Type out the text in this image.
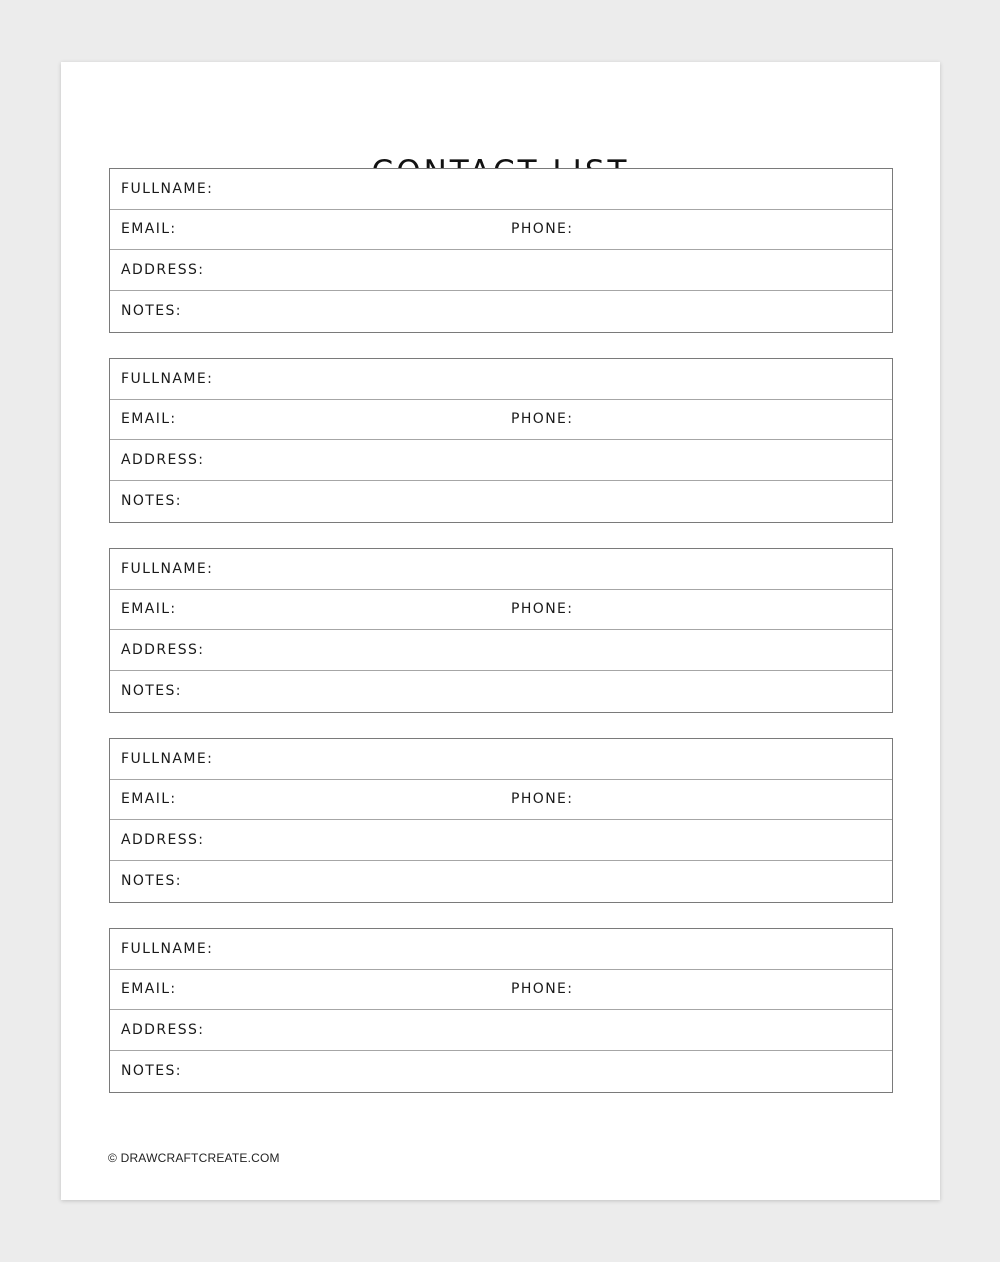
FULLNAME:
EMAIL:	PHONE:
ADDRESS:
NOTES:
FULLNAME:
EMAIL:	PHONE:
ADDRESS:
NOTES:
FULLNAME:
EMAIL:	PHONE:
ADDRESS:
NOTES:
FULLNAME:
EMAIL:	PHONE:
ADDRESS:
NOTES:
FULLNAME:
EMAIL:	PHONE:
ADDRESS:
NOTES:
© DRAWCRAFTCREATE.COM
